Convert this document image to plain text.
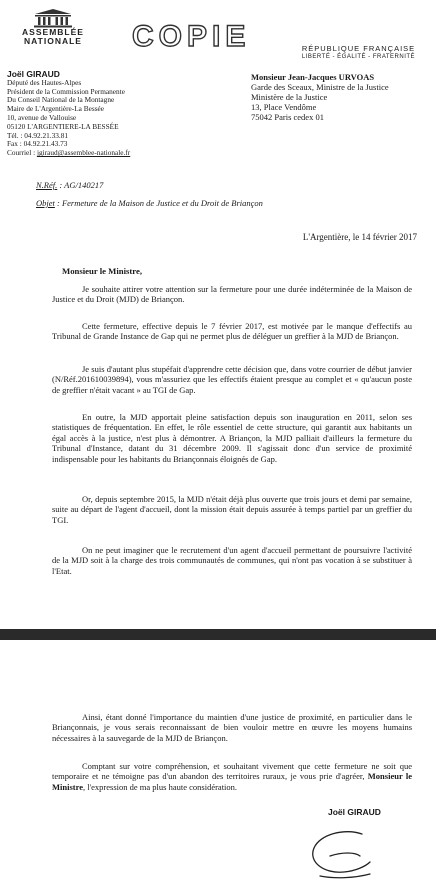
ASSEMBLÉE
NATIONALE COPIE	RÉPUBLIQUE FRANÇAISE
LIBERTÉ - ÉGALITÉ - FRATERNITÉ
Joël GIRAUD
Député des Hautes-Alpes
Président de la Commission Permanente
Du Conseil National de la Montagne
Maire de L'Argentière-La Bessée
10, avenue de Vallouise
05120 L'ARGENTIERE-LA BESSÉE
Tél. : 04.92.21.33.81
Fax : 04.92.21.43.73
Courriel : jgiraud@assemblee-nationale.fr
Monsieur Jean-Jacques URVOAS
Garde des Sceaux, Ministre de la Justice
Ministère de la Justice
13, Place Vendôme
75042 Paris cedex 01
N.Réf. : AG/140217
Objet : Fermeture de la Maison de Justice et du Droit de Briançon
L'Argentière, le 14 février 2017
Monsieur le Ministre,

Je souhaite attirer votre attention sur la fermeture pour une durée indéterminée de la Maison de Justice et du Droit (MJD) de Briançon.

Cette fermeture, effective depuis le 7 février 2017, est motivée par le manque d'effectifs au Tribunal de Grande Instance de Gap qui ne permet plus de déléguer un greffier à la MJD de Briançon.

Je suis d'autant plus stupéfait d'apprendre cette décision que, dans votre courrier de début janvier (N/Réf.201610039894), vous m'assuriez que les effectifs étaient presque au complet et « qu'aucun poste de greffier n'était vacant » au TGI de Gap.

En outre, la MJD apportait pleine satisfaction depuis son inauguration en 2011, selon ses statistiques de fréquentation. En effet, le rôle essentiel de cette structure, qui garantit aux habitants un égal accès à la justice, n'est plus à démontrer. A Briançon, la MJD palliait d'ailleurs la fermeture du Tribunal d'Instance, datant du 31 décembre 2009. Il s'agissait donc d'un service de proximité indispensable pour les habitants du Briançonnais éloignés de Gap.

Or, depuis septembre 2015, la MJD n'était déjà plus ouverte que trois jours et demi par semaine, suite au départ de l'agent d'accueil, dont la mission était depuis assurée à temps partiel par un greffier du TGI.

On ne peut imaginer que le recrutement d'un agent d'accueil permettant de poursuivre l'activité de la MJD soit à la charge des trois communautés de communes, qui n'ont pas vocation à se substituer à l'Etat.

Ainsi, étant donné l'importance du maintien d'une justice de proximité, en particulier dans le Briançonnais, je vous serais reconnaissant de bien vouloir mettre en œuvre les moyens humains nécessaires à la sauvegarde de la MJD de Briançon.

Comptant sur votre compréhension, et souhaitant vivement que cette fermeture ne soit que temporaire et ne témoigne pas d'un abandon des territoires ruraux, je vous prie d'agréer, Monsieur le Ministre, l'expression de ma plus haute considération.

Joël GIRAUD
